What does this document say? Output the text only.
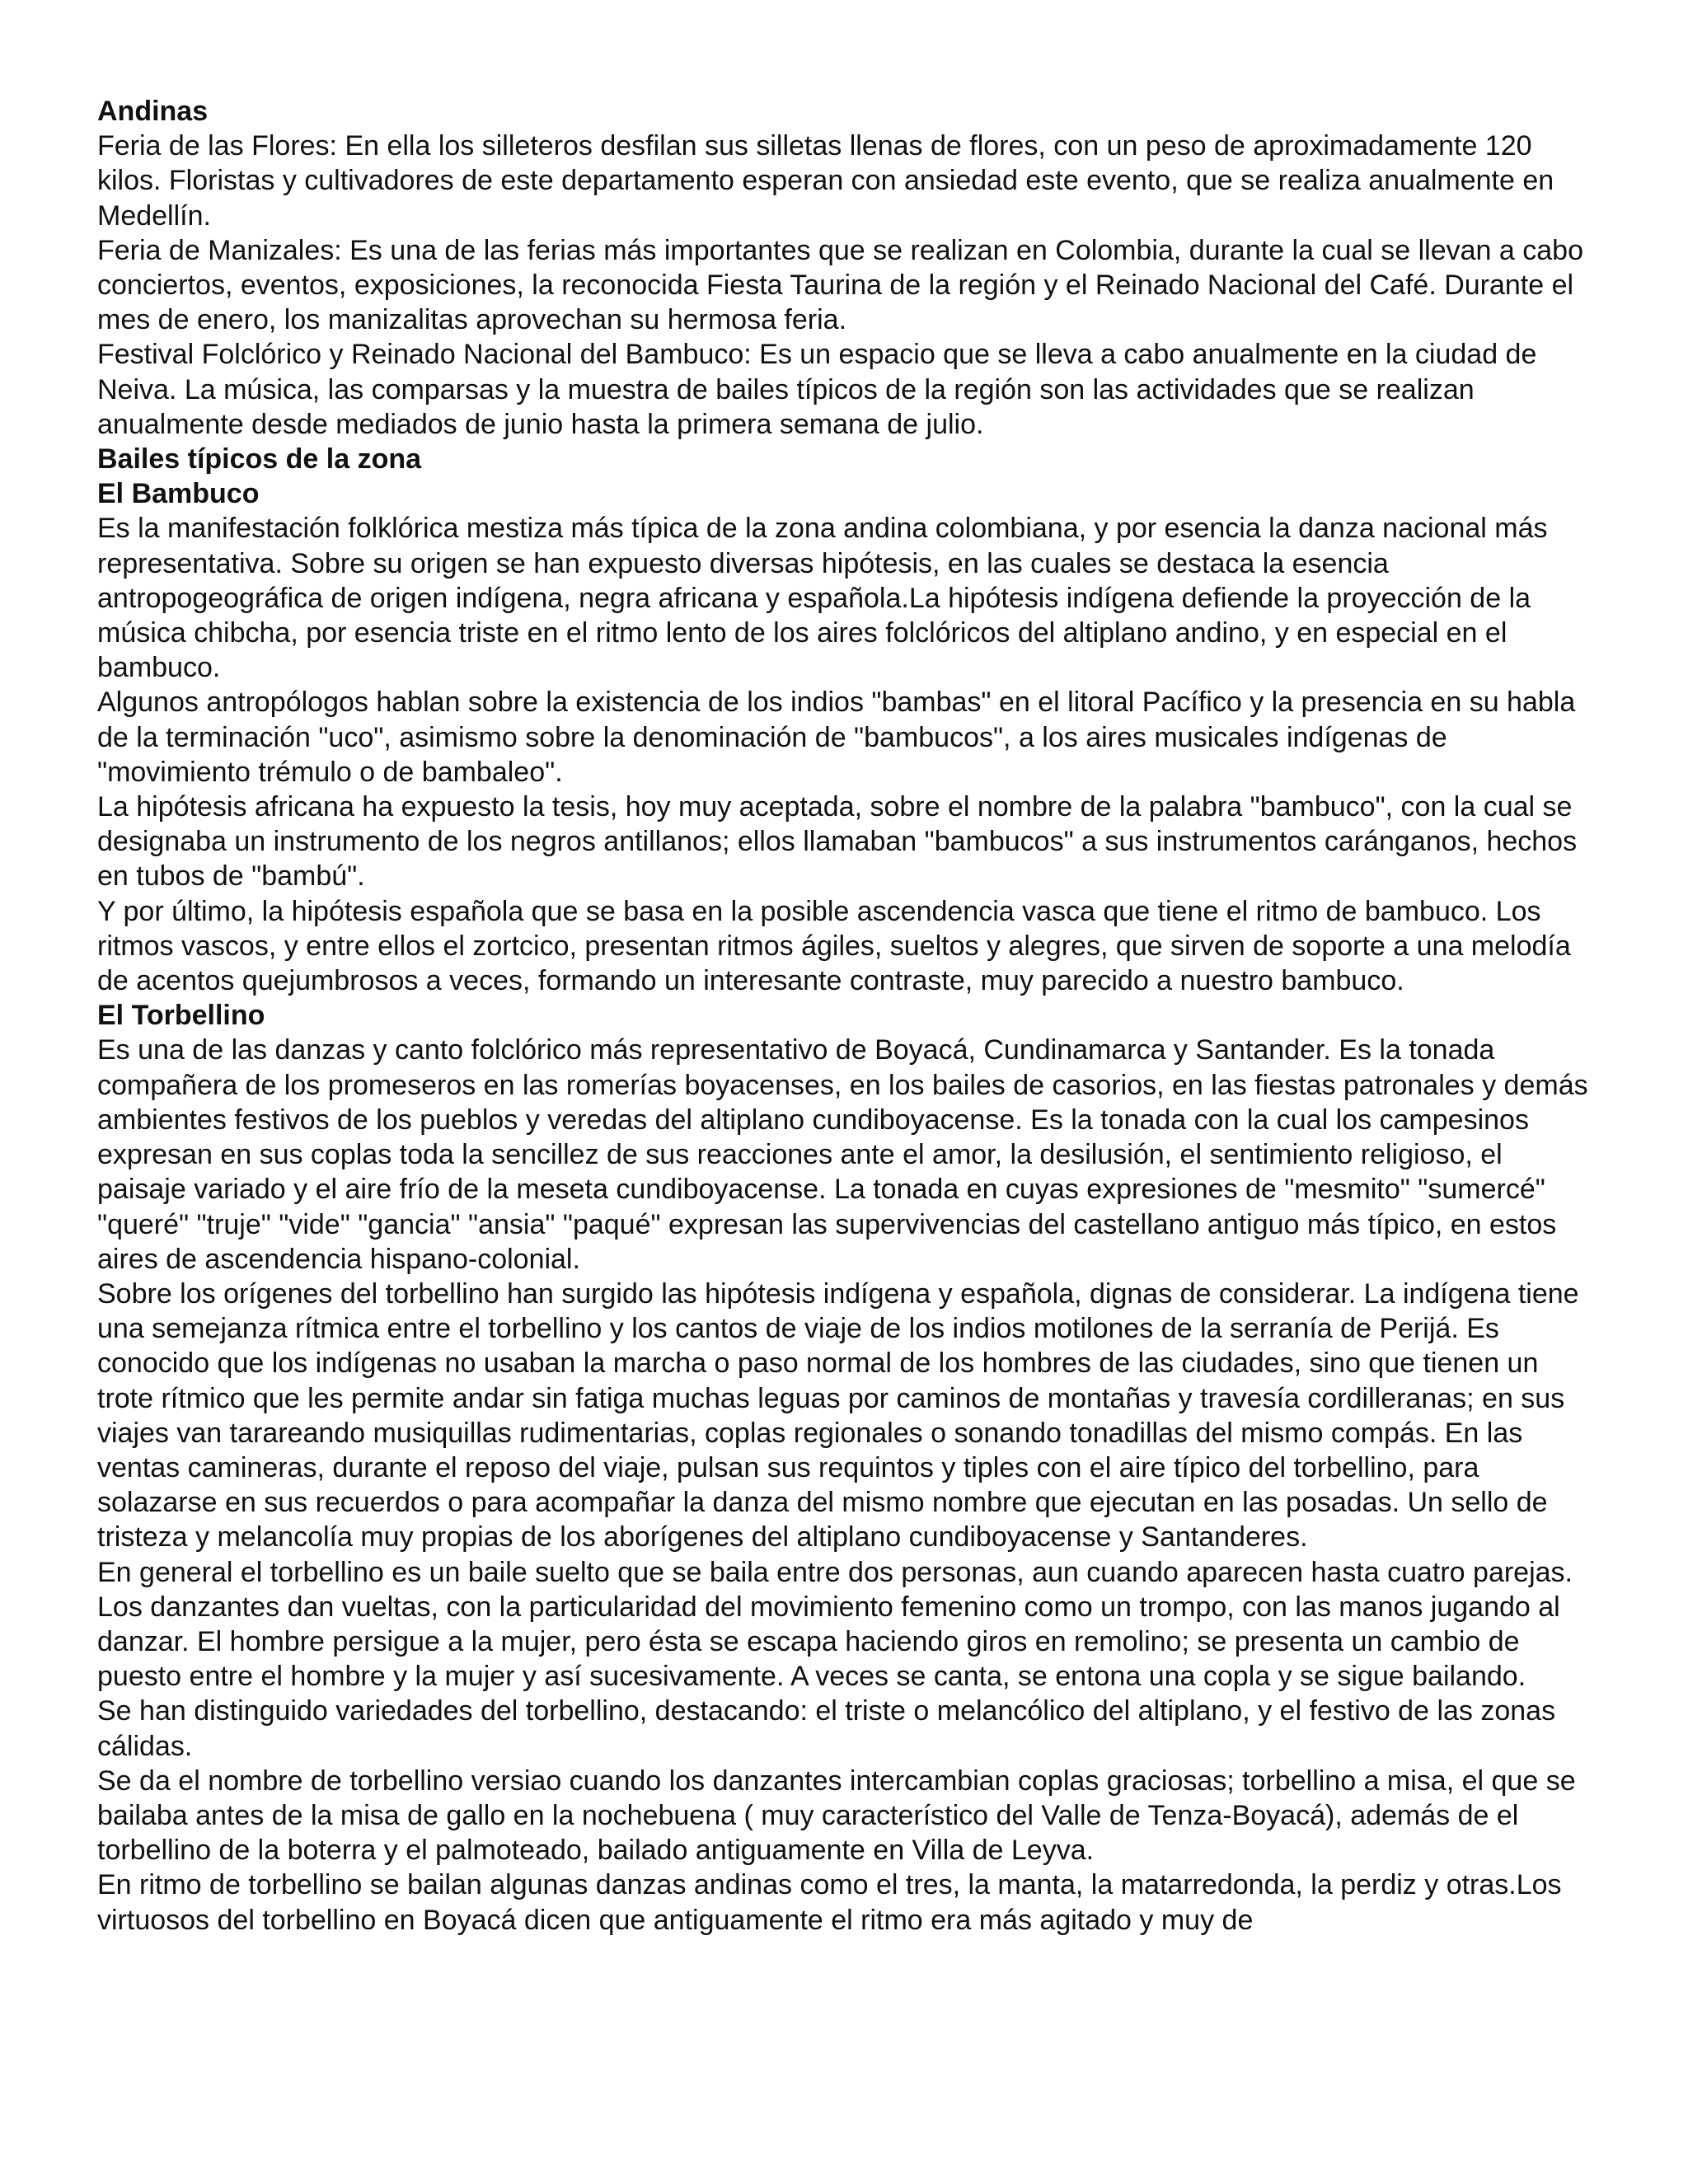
Andinas

Feria de las Flores: En ella los silleteros desfilan sus silletas llenas de flores, con un peso de aproximadamente 120 kilos. Floristas y cultivadores de este departamento esperan con ansiedad este evento, que se realiza anualmente en Medellín.

Feria de Manizales: Es una de las ferias más importantes que se realizan en Colombia, durante la cual se llevan a cabo conciertos, eventos, exposiciones, la reconocida Fiesta Taurina de la región y el Reinado Nacional del Café. Durante el mes de enero, los manizalitas aprovechan su hermosa feria.

Festival Folclórico y Reinado Nacional del Bambuco: Es un espacio que se lleva a cabo anualmente en la ciudad de Neiva. La música, las comparsas y la muestra de bailes típicos de la región son las actividades que se realizan anualmente desde mediados de junio hasta la primera semana de julio.

Bailes típicos de la zona

El Bambuco

Es la manifestación folklórica mestiza más típica de la zona andina colombiana, y por esencia la danza nacional más representativa. Sobre su origen se han expuesto diversas hipótesis, en las cuales se destaca la esencia antropogeográfica de origen indígena, negra africana y española.La hipótesis indígena defiende la proyección de la música chibcha, por esencia triste en el ritmo lento de los aires folclóricos del altiplano andino, y en especial en el bambuco.

Algunos antropólogos hablan sobre la existencia de los indios "bambas" en el litoral Pacífico y la presencia en su habla de la terminación "uco", asimismo sobre la denominación de "bambucos", a los aires musicales indígenas de "movimiento trémulo o de bambaleo".

La hipótesis africana ha expuesto la tesis, hoy muy aceptada, sobre el nombre de la palabra "bambuco", con la cual se designaba un instrumento de los negros antillanos; ellos llamaban "bambucos" a sus instrumentos caránganos, hechos en tubos de "bambú".

Y por último, la hipótesis española que se basa en la posible ascendencia vasca que tiene el ritmo de bambuco. Los ritmos vascos, y entre ellos el zortcico, presentan ritmos ágiles, sueltos y alegres, que sirven de soporte a una melodía de acentos quejumbrosos a veces, formando un interesante contraste, muy parecido a nuestro bambuco.

El Torbellino

Es una de las danzas y canto folclórico más representativo de Boyacá, Cundinamarca y Santander. Es la tonada compañera de los promeseros en las romerías boyacenses, en los bailes de casorios, en las fiestas patronales y demás ambientes festivos de los pueblos y veredas del altiplano cundiboyacense. Es la tonada con la cual los campesinos expresan en sus coplas toda la sencillez de sus reacciones ante el amor, la desilusión, el sentimiento religioso, el paisaje variado y el aire frío de la meseta cundiboyacense. La tonada en cuyas expresiones de "mesmito" "sumercé" "queré" "truje" "vide" "gancia" "ansia" "paqué" expresan las supervivencias del castellano antiguo más típico, en estos aires de ascendencia hispano-colonial.

Sobre los orígenes del torbellino han surgido las hipótesis indígena y española, dignas de considerar. La indígena tiene una semejanza rítmica entre el torbellino y los cantos de viaje de los indios motilones de la serranía de Perijá. Es conocido que los indígenas no usaban la marcha o paso normal de los hombres de las ciudades, sino que tienen un trote rítmico que les permite andar sin fatiga muchas leguas por caminos de montañas y travesía cordilleranas; en sus viajes van tarareando musiquillas rudimentarias, coplas regionales o sonando tonadillas del mismo compás. En las ventas camineras, durante el reposo del viaje, pulsan sus requintos y tiples con el aire típico del torbellino, para solazarse en sus recuerdos o para acompañar la danza del mismo nombre que ejecutan en las posadas. Un sello de tristeza y melancolía muy propias de los aborígenes del altiplano cundiboyacense y Santanderes.

En general el torbellino es un baile suelto que se baila entre dos personas, aun cuando aparecen hasta cuatro parejas. Los danzantes dan vueltas, con la particularidad del movimiento femenino como un trompo, con las manos jugando al danzar. El hombre persigue a la mujer, pero ésta se escapa haciendo giros en remolino; se presenta un cambio de puesto entre el hombre y la mujer y así sucesivamente. A veces se canta, se entona una copla y se sigue bailando.

Se han distinguido variedades del torbellino, destacando: el triste o melancólico del altiplano, y el festivo de las zonas cálidas.

Se da el nombre de torbellino versiao cuando los danzantes intercambian coplas graciosas; torbellino a misa, el que se bailaba antes de la misa de gallo en la nochebuena ( muy característico del Valle de Tenza-Boyacá), además de el torbellino de la boterra y el palmoteado, bailado antiguamente en Villa de Leyva.

En ritmo de torbellino se bailan algunas danzas andinas como el tres, la manta, la matarredonda, la perdiz y otras.Los virtuosos del torbellino en Boyacá dicen que antiguamente el ritmo era más agitado y muy de
